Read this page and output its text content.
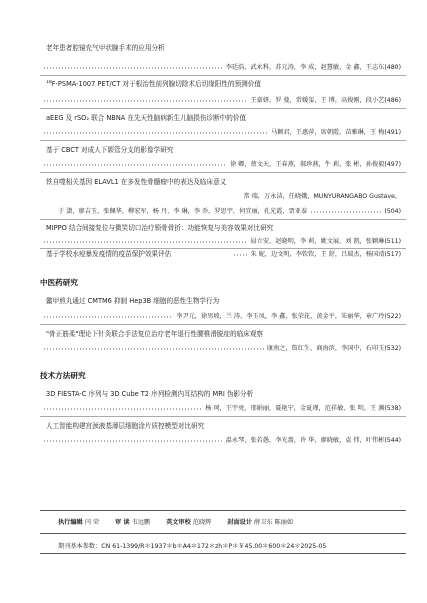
老年患者腔镜充气甲状腺手术的应用分析
李廷浩，武永科，苏元涛，李 成，赵慧敏，金 鑫，王志东 (480)
$^{18}$F-PSMA-1007 PET/CT 对于根治性前列腺切除术后切缘阳性的预测价值
王豪妍，罗 曼，常媛玺，王 博，高俊刚，段小艺 (486)
aEEG 及 rSO₂ 联合 NBNA 在先天性脑病新生儿脑损伤诊断中的价值
马颖君，王惠萍，席朝霞，苗雅琳，王 梅 (491)
基于 CBCT 对成人下颌管分支的影像学研究
徐 卿，蔡文天，王春燕，郝珍燕，牛 莉，张 彬，孙俊毅 (497)
铁自噬相关基因 ELAVL1 在多发性骨髓瘤中的表达及临床意义
常 瑞，万永洁，任晓娥，MUNYURANGABO Gustave，
于 潇，廖吉玉，张佩华，柳宏军，杨 丹，李 琳，李 乔，罗思宇，何宜丽，孔光霞，贾亚泰	(504)
MIPPO 结合间接复位与微笑切口治疗锁骨骨折：功能恢复与美容效果对比研究
屈立安，赵晓明，李 莉，姚文展，刘 凯，张颖琳 (511)
基于学校水痘暴发疫情的疫苗保护效果评估	朱 妮，边文明，李钦钦，王 舒，吕瑞杰，杨国靖 (517)
中医药研究
鳖甲煎丸通过 CMTM6 抑制 Hep3B 细胞的恶性生物学行为
李尹元，徐男坡，兰 涛，李玉凤，李 鑫，张荣花，黄金平，朱丽华，章广玲 (522)
"骨正筋柔"理论下针灸联合手法复位治疗老年退行性腰椎滑脱症的临床观察
康南之，詹红生，商海滨，李国中，石印玉 (532)
技术方法研究
3D FIESTA-C 序列与 3D Cube T2 序列检测内耳结构的 MRI 伪影分析
杨 珂，王宇亮，邢娟丽，聂艳宁，金夏瑾，范祥敏，张 明，王 渊 (538)
人工智能构建宫颈液基薄层细胞涂片质控模型对比研究
温永琴，张若愚，李光蔷，许 华，廖晓敏，袁 炜，叶伟彬 (544)
执行编辑 闫 荣	审 读 韦远鹏	英文审校 范晓辉	封面设计 薛卫东 陈丽如
期刊基本参数：CN 61-1399/R＊1937＊b＊A4＊172＊zh＊P＊￥45.00＊600＊24＊2025-05
